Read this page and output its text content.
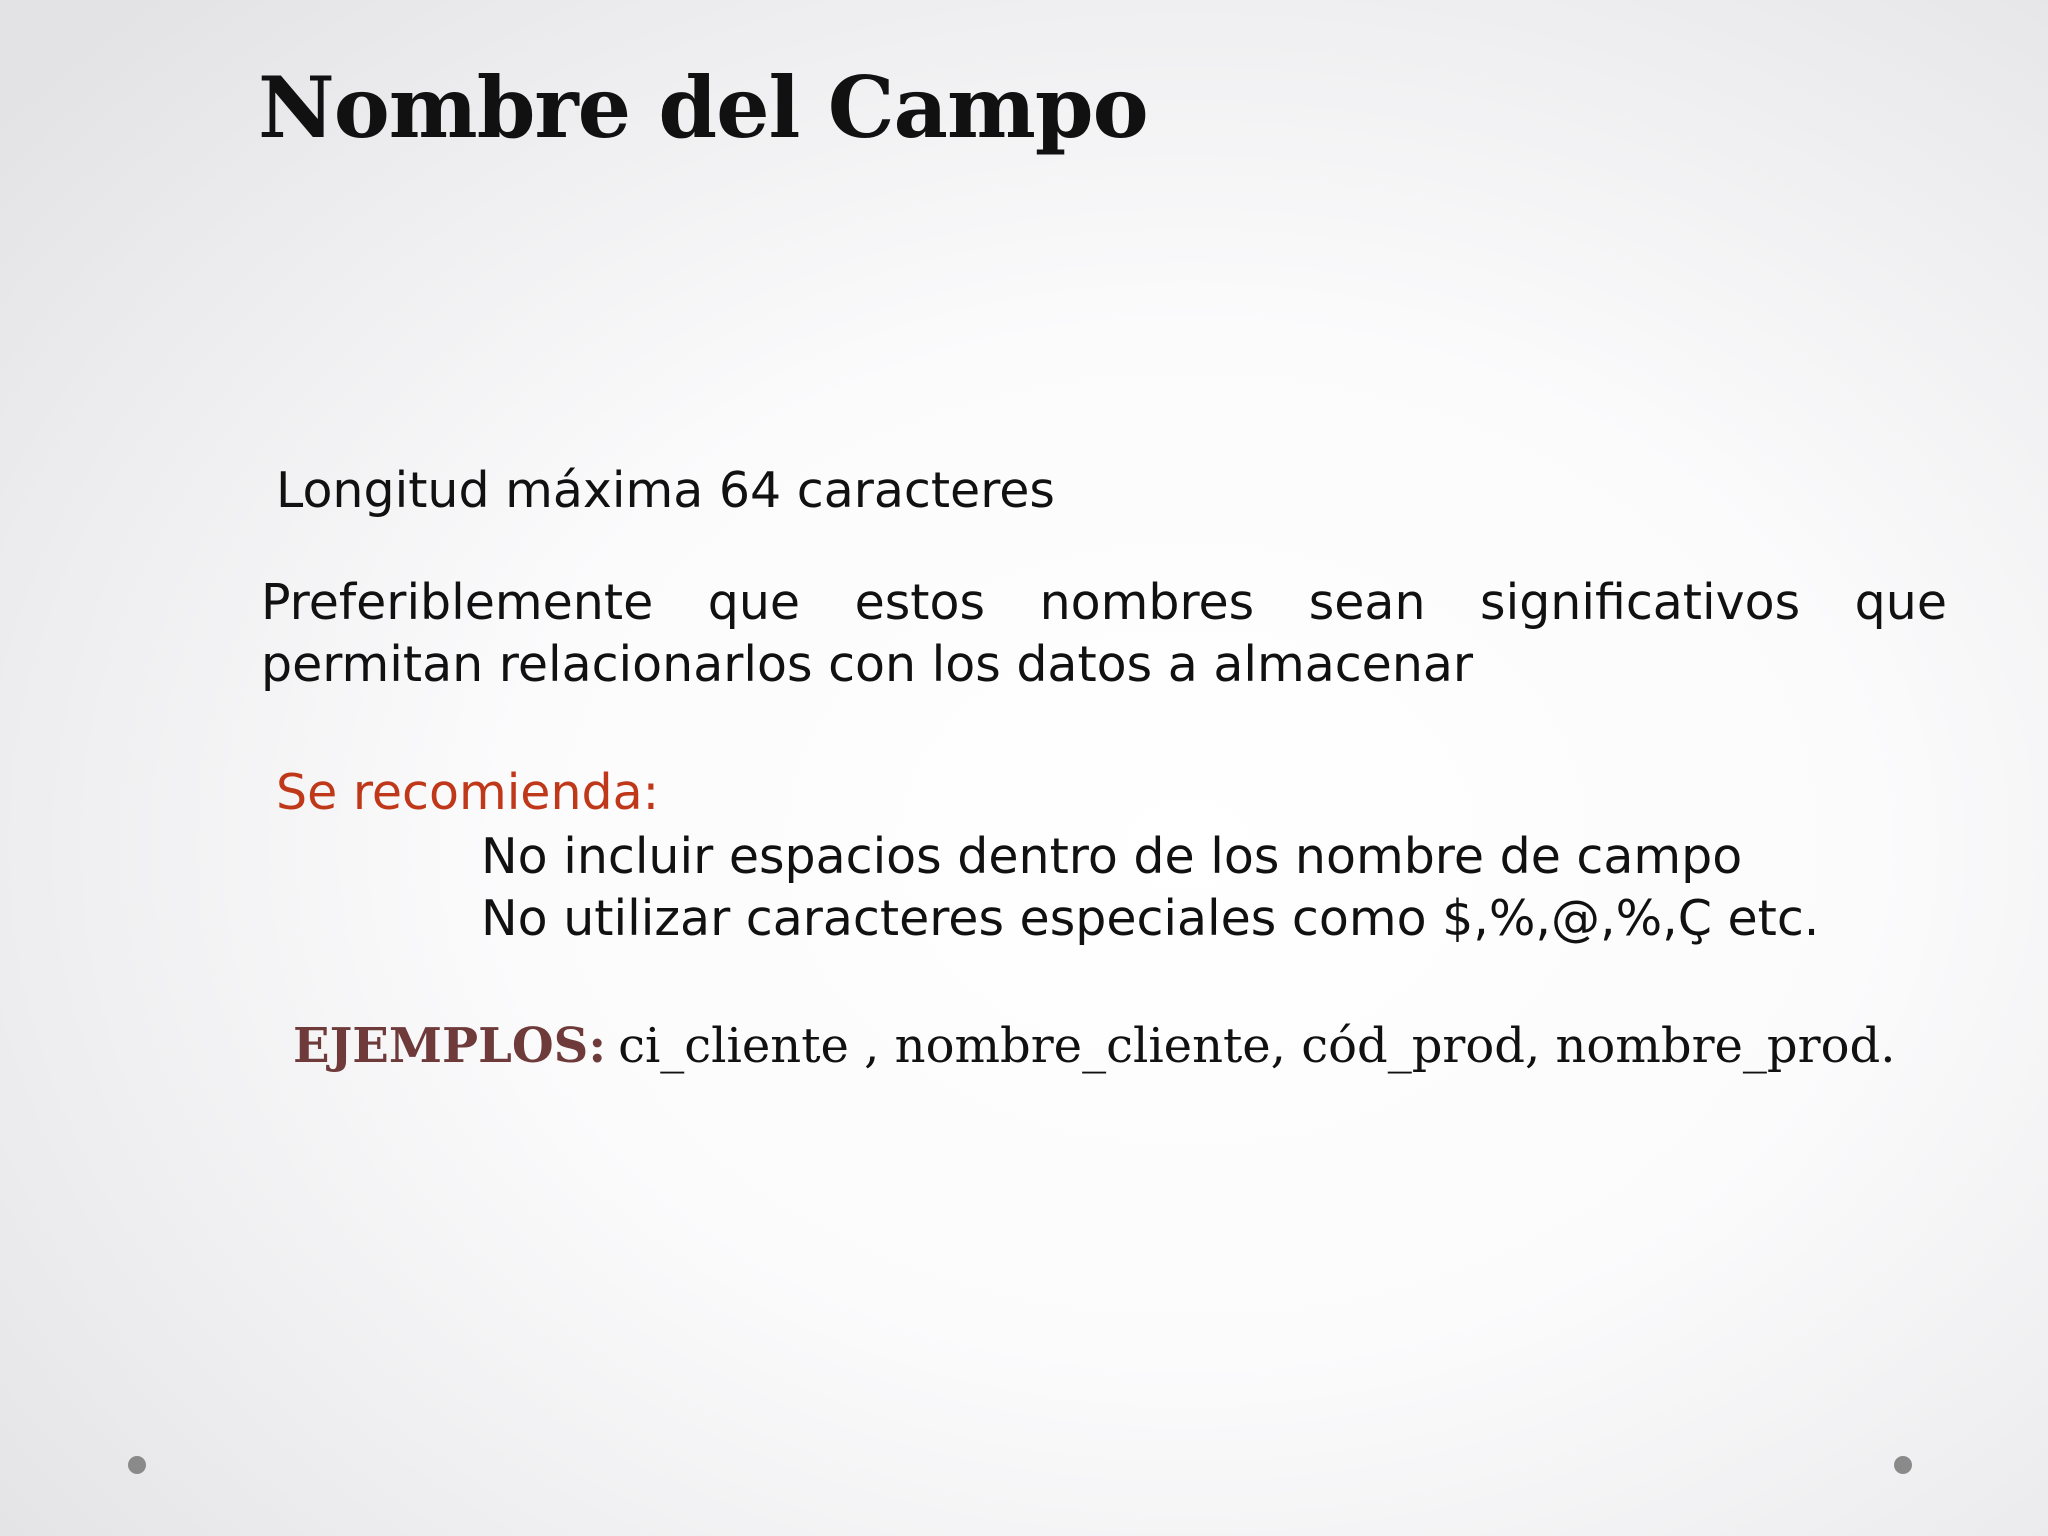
Nombre del Campo

Longitud máxima 64 caracteres

Preferiblemente que estos nombres sean significativos que permitan relacionarlos con los datos a almacenar

Se recomienda:

No incluir espacios dentro de los nombre de campo
No utilizar caracteres especiales como $,%,@,%,Ç etc.

EJEMPLOS: ci_cliente , nombre_cliente, cód_prod, nombre_prod.
